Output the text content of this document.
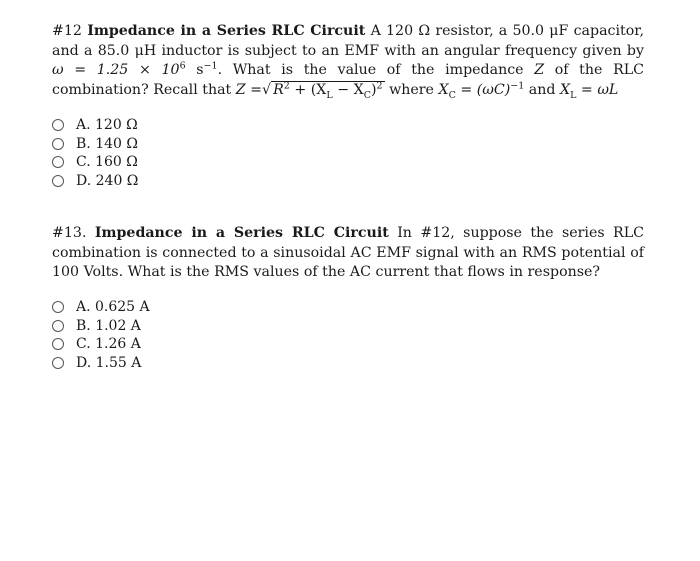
#12 Impedance in a Series RLC Circuit A 120 Ω resistor, a 50.0 μF capacitor, and a 85.0 μH inductor is subject to an EMF with an angular frequency given by $\omega = 1.25 \times 10^6$ $s^{-1}$. What is the value of the impedance Z of the RLC combination? Recall that Z =√ $R^2 + (X_L - X_C)^2$ where $X_C = (\omega C)^{-1}$ and $X_L = \omega L$
A. 120 Ω
B. 140 Ω
C. 160 Ω
D. 240 Ω
#13. Impedance in a Series RLC Circuit In #12, suppose the series RLC combination is connected to a sinusoidal AC EMF signal with an RMS potential of 100 Volts. What is the RMS values of the AC current that flows in response?
A. 0.625 A
B. 1.02 A
C. 1.26 A
D. 1.55 A
